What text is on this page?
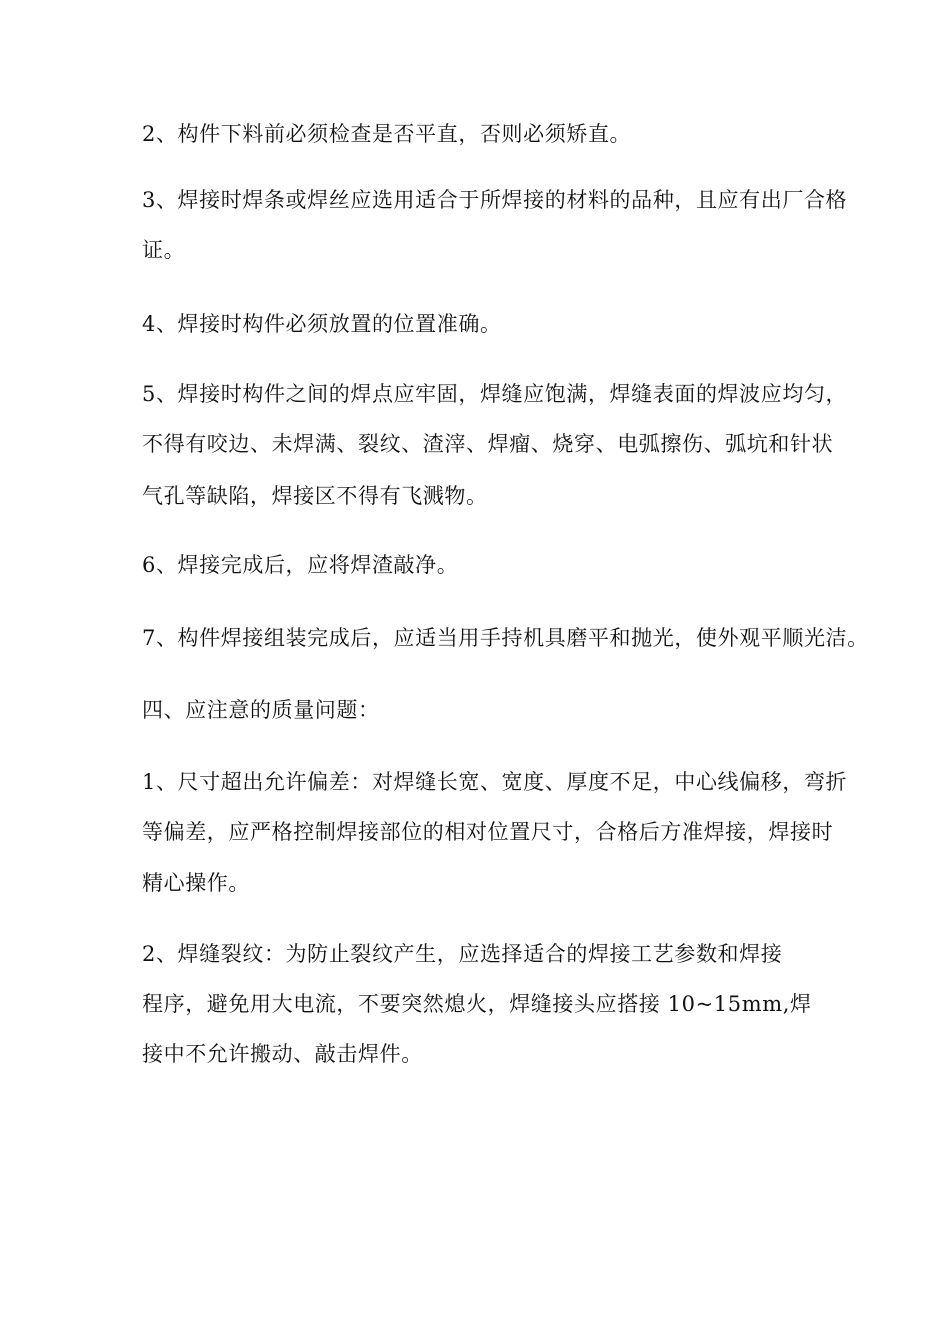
2、构件下料前必须检查是否平直，否则必须矫直。
3、焊接时焊条或焊丝应选用适合于所焊接的材料的品种，且应有出厂合格
证。
4、焊接时构件必须放置的位置准确。
5、焊接时构件之间的焊点应牢固，焊缝应饱满，焊缝表面的焊波应均匀，
不得有咬边、未焊满、裂纹、渣滓、焊瘤、烧穿、电弧擦伤、弧坑和针状
气孔等缺陷，焊接区不得有飞溅物。
6、焊接完成后，应将焊渣敲净。
7、构件焊接组装完成后，应适当用手持机具磨平和抛光，使外观平顺光洁。
四、应注意的质量问题：
1、尺寸超出允许偏差：对焊缝长宽、宽度、厚度不足，中心线偏移，弯折
等偏差，应严格控制焊接部位的相对位置尺寸，合格后方准焊接，焊接时
精心操作。
2、焊缝裂纹：为防止裂纹产生，应选择适合的焊接工艺参数和焊接
程序，避免用大电流，不要突然熄火，焊缝接头应搭接 10~15mm,焊
接中不允许搬动、敲击焊件。
